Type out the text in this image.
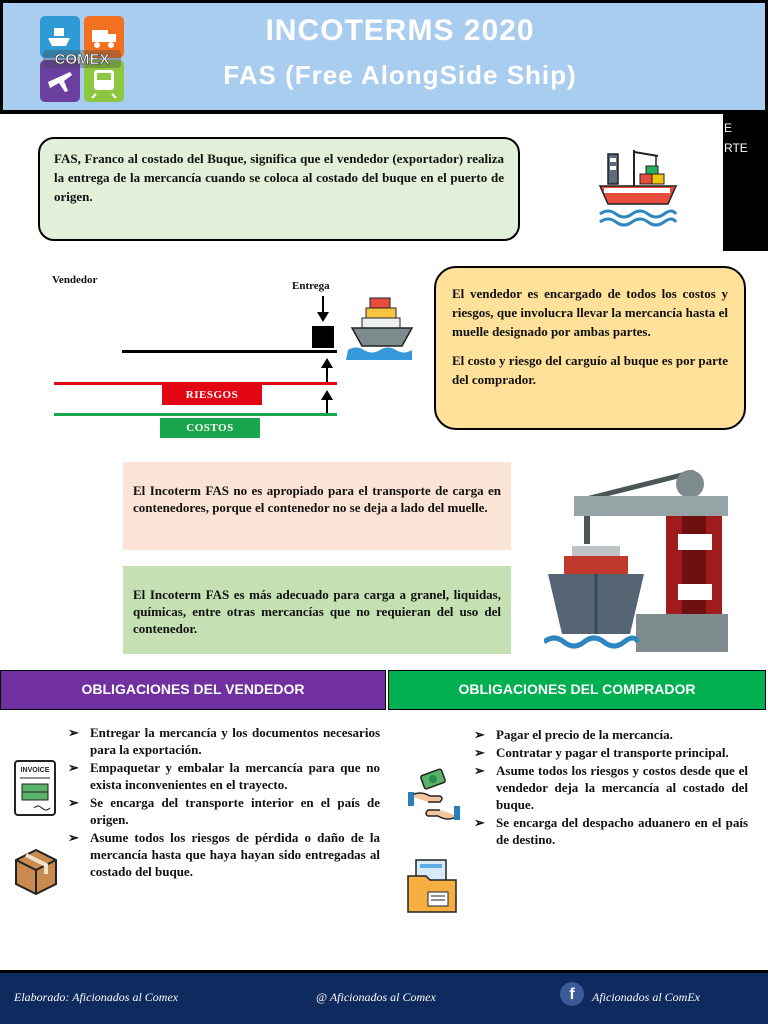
COMEX
INCOTERMS 2020
FAS (Free AlongSide Ship)
E
RTE
FAS, Franco al costado del Buque, significa que el vendedor (exportador) realiza la entrega de la mercancía cuando se coloca al costado del buque en el puerto de origen.
Vendedor	Entrega
RIESGOS
COSTOS

El vendedor es encargado de todos los costos y riesgos, que involucra llevar la mercancía hasta el muelle designado por ambas partes.

El costo y riesgo del carguío al buque es por parte del comprador.

El Incoterm FAS no es apropiado para el transporte de carga en contenedores, porque el contenedor no se deja a lado del muelle.
El Incoterm FAS es más adecuado para carga a granel, liquidas, químicas, entre otras mercancías que no requieran del uso del contenedor.
OBLIGACIONES DEL VENDEDOR	OBLIGACIONES DEL COMPRADOR
➢ Entregar la mercancía y los documentos necesarios para la exportación.
➢ Empaquetar y embalar la mercancía para que no exista inconvenientes en el trayecto.
➢ Se encarga del transporte interior en el país de origen.
➢ Asume todos los riesgos de pérdida o daño de la mercancía hasta que haya hayan sido entregadas al costado del buque.
INVOICE
➢ Pagar el precio de la mercancía.
➢ Contratar y pagar el transporte principal.
➢ Asume todos los riesgos y costos desde que el vendedor deja la mercancía al costado del buque.
➢ Se encarga del despacho aduanero en el país de destino.
Elaborado: Aficionados al Comex	@ Aficionados al Comex	f	Aficionados al ComEx
